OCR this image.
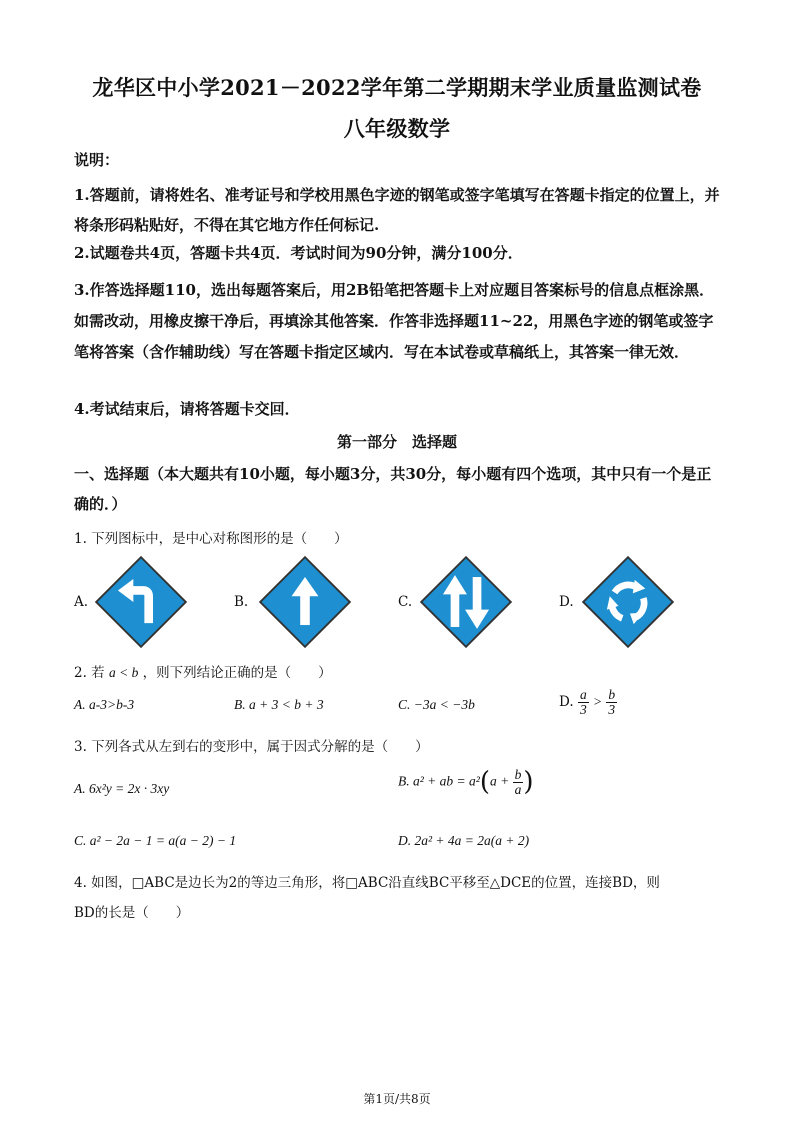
龙华区中小学2021－2022学年第二学期期末学业质量监测试卷
八年级数学
说明：
1.答题前，请将姓名、准考证号和学校用黑色字迹的钢笔或签字笔填写在答题卡指定的位置上，并将条形码粘贴好，不得在其它地方作任何标记.
2.试题卷共4页，答题卡共4页．考试时间为90分钟，满分100分．
3.作答选择题110，选出每题答案后，用2B铅笔把答题卡上对应题目答案标号的信息点框涂黑．如需改动，用橡皮擦干净后，再填涂其他答案．作答非选择题11~22，用黑色字迹的钢笔或签字笔将答案（含作辅助线）写在答题卡指定区域内．写在本试卷或草稿纸上，其答案一律无效．
4.考试结束后，请将答题卡交回．
第一部分　选择题
一、选择题（本大题共有10小题，每小题3分，共30分，每小题有四个选项，其中只有一个是正确的．）
1. 下列图标中，是中心对称图形的是（　　）
A.	B.	C.	D.
2. 若 a < b ，则下列结论正确的是（　　）
A. a-3>b-3	B. a + 3 < b + 3	C. −3a < −3b	D. $\frac{a}{3} > \frac{b}{3}$
3. 下列各式从左到右的变形中，属于因式分解的是（　　）
A. 6x²y = 2x · 3xy	B. a² + ab = $a^2(a + \frac{b}{a}$ )
C. a² − 2a − 1 = a(a − 2) − 1	D. 2a² + 4a = 2a(a + 2)
4. 如图，□ABC是边长为2的等边三角形，将□ABC沿直线BC平移至△DCE的位置，连接BD，则
BD的长是（　　）
第1页/共8页
